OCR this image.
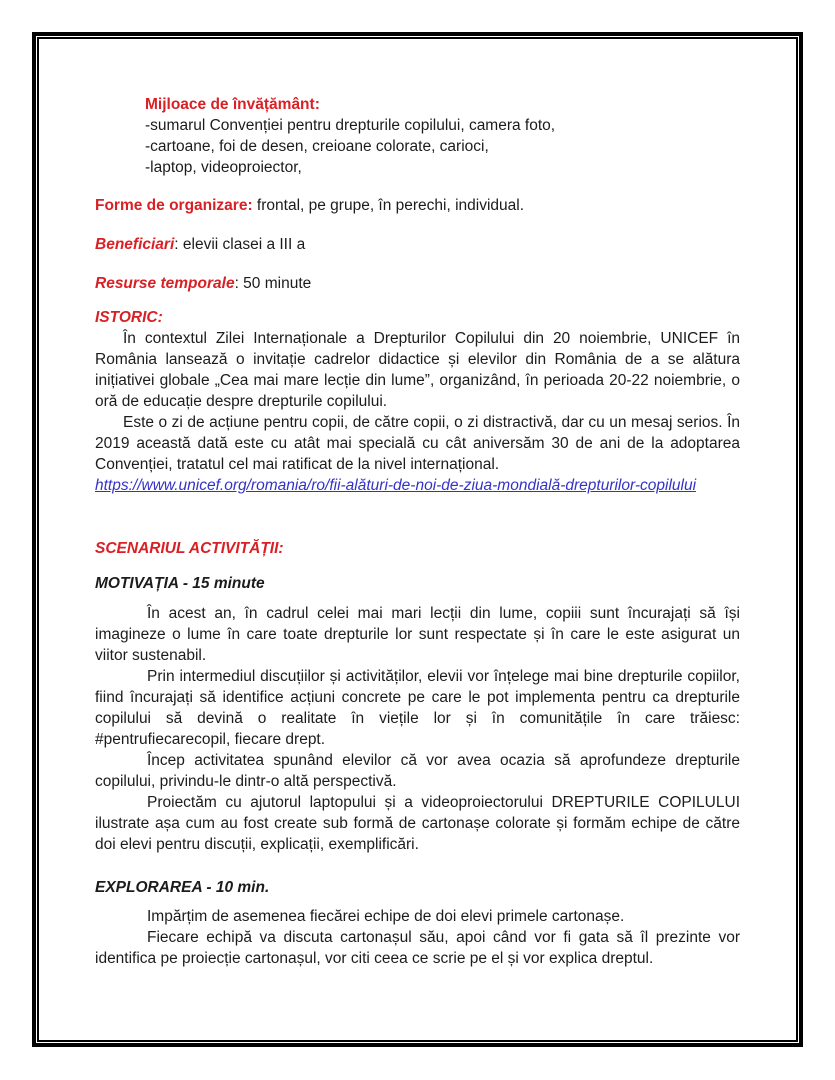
Mijloace de învățământ:

-sumarul Convenției pentru drepturile copilului, camera foto,

-cartoane, foi de desen, creioane colorate, carioci,

-laptop, videoproiector,

Forme de organizare: frontal, pe grupe, în perechi, individual.

Beneficiari: elevii clasei a III a

Resurse temporale: 50 minute

ISTORIC:

În contextul Zilei Internaționale a Drepturilor Copilului din 20 noiembrie, UNICEF în România lansează o invitație cadrelor didactice și elevilor din România de a se alătura inițiativei globale „Cea mai mare lecție din lume”, organizând, în perioada 20-22 noiembrie, o oră de educație despre drepturile copilului.

Este o zi de acțiune pentru copii, de către copii, o zi distractivă, dar cu un mesaj serios. În 2019 această dată este cu atât mai specială cu cât aniversăm 30 de ani de la adoptarea Convenției, tratatul cel mai ratificat de la nivel internațional.

https://www.unicef.org/romania/ro/fii-alături-de-noi-de-ziua-mondială-drepturilor-copilului

SCENARIUL ACTIVITĂȚII:

MOTIVAȚIA - 15 minute

În acest an, în cadrul celei mai mari lecții din lume, copiii sunt încurajați să își imagineze o lume în care toate drepturile lor sunt respectate și în care le este asigurat un viitor sustenabil.

Prin intermediul discuțiilor și activităților, elevii vor înțelege mai bine drepturile copiilor, fiind încurajați să identifice acțiuni concrete pe care le pot implementa pentru ca drepturile copilului să devină o realitate în viețile lor și în comunitățile în care trăiesc: #pentrufiecarecopil, fiecare drept.

Încep activitatea spunând elevilor că vor avea ocazia să aprofundeze drepturile copilului, privindu-le dintr-o altă perspectivă.

Proiectăm cu ajutorul laptopului și a videoproiectorului DREPTURILE COPILULUI ilustrate așa cum au fost create sub formă de cartonașe colorate și formăm echipe de către doi elevi pentru discuții, explicații, exemplificări.

EXPLORAREA - 10 min.

Impărțim de asemenea fiecărei echipe de doi elevi primele cartonașe.

Fiecare echipă va discuta cartonașul său, apoi când vor fi gata să îl prezinte vor identifica pe proiecție cartonașul, vor citi ceea ce scrie pe el și vor explica dreptul.
